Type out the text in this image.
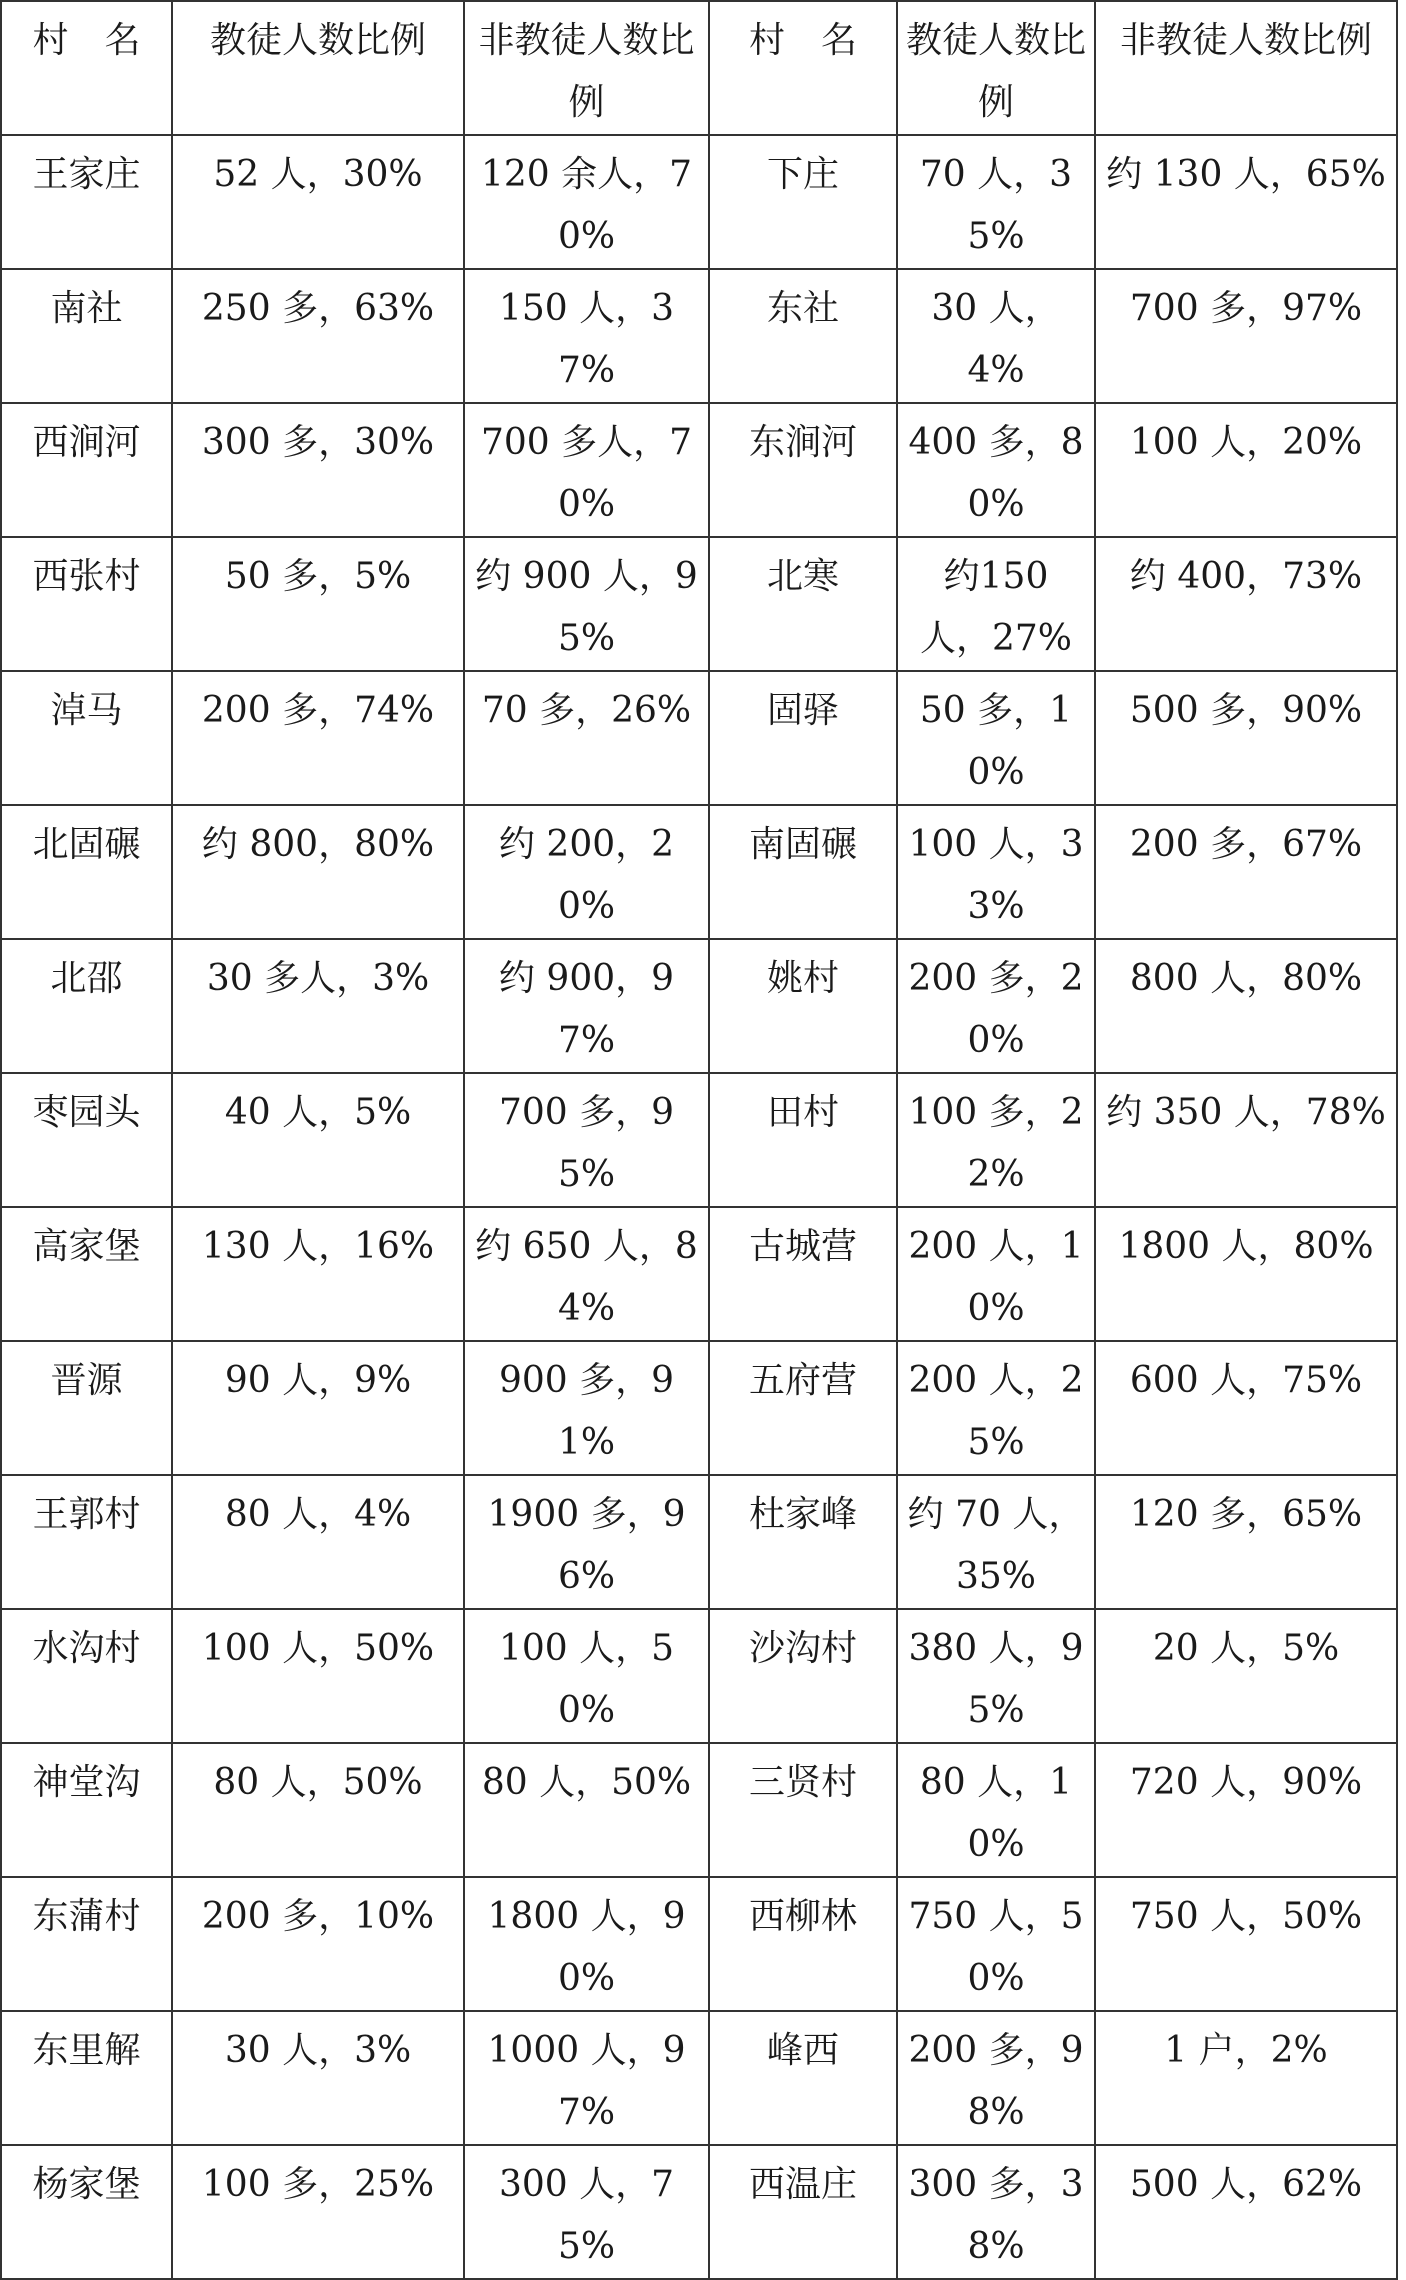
村　名	教徒人数比例	非教徒人数比例	村　名	教徒人数比例	非教徒人数比例
王家庄	52 人，30%	120 余人，70%	下庄	70 人，35%	约 130 人，65%
南社	250 多，63%	150 人，37%	东社	30 人，4%	700 多，97%
西涧河	300 多，30%	700 多人，70%	东涧河	400 多，80%	100 人，20%
西张村	50 多，5%	约 900 人，95%	北寒	约150 人，27%	约 400，73%
淖马	200 多，74%	70 多，26%	固驿	50 多，10%	500 多，90%
北固碾	约 800，80%	约 200，20%	南固碾	100 人，33%	200 多，67%
北邵	30 多人，3%	约 900，97%	姚村	200 多，20%	800 人，80%
枣园头	40 人，5%	700 多，95%	田村	100 多，22%	约 350 人，78%
高家堡	130 人，16%	约 650 人，84%	古城营	200 人，10%	1800 人，80%
晋源	90 人，9%	900 多，91%	五府营	200 人，25%	600 人，75%
王郭村	80 人，4%	1900 多，96%	杜家峰	约 70 人，35%	120 多，65%
水沟村	100 人，50%	100 人，50%	沙沟村	380 人，95%	20 人，5%
神堂沟	80 人，50%	80 人，50%	三贤村	80 人，10%	720 人，90%
东蒲村	200 多，10%	1800 人，90%	西柳林	750 人，50%	750 人，50%
东里解	30 人，3%	1000 人，97%	峰西	200 多，98%	1 户，2%
杨家堡	100 多，25%	300 人，75%	西温庄	300 多，38%	500 人，62%
